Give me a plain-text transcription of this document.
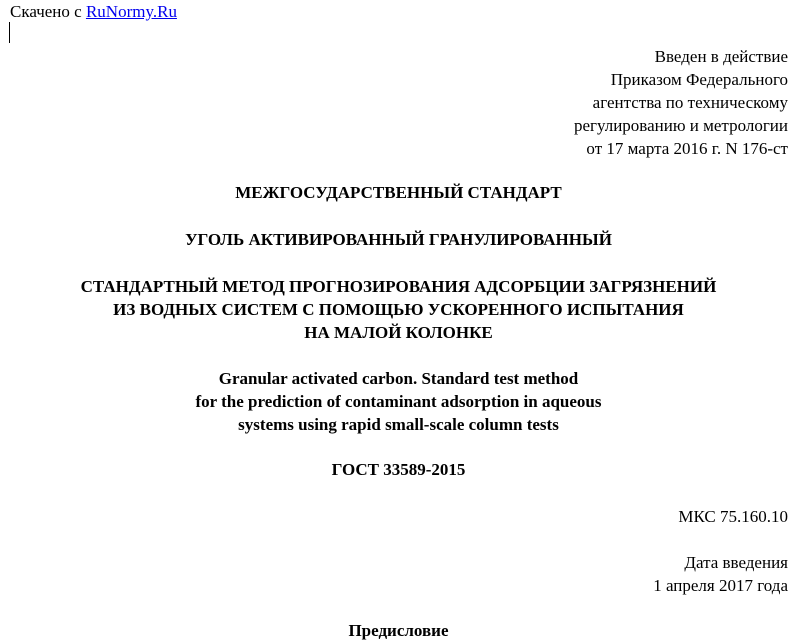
Скачено с RuNormy.Ru
Введен в действие
Приказом Федерального
агентства по техническому
регулированию и метрологии
от 17 марта 2016 г. N 176-ст
МЕЖГОСУДАРСТВЕННЫЙ СТАНДАРТ
УГОЛЬ АКТИВИРОВАННЫЙ ГРАНУЛИРОВАННЫЙ
СТАНДАРТНЫЙ МЕТОД ПРОГНОЗИРОВАНИЯ АДСОРБЦИИ ЗАГРЯЗНЕНИЙ
ИЗ ВОДНЫХ СИСТЕМ С ПОМОЩЬЮ УСКОРЕННОГО ИСПЫТАНИЯ
НА МАЛОЙ КОЛОНКЕ
Granular activated carbon. Standard test method
for the prediction of contaminant adsorption in aqueous
systems using rapid small-scale column tests
ГОСТ 33589-2015
МКС 75.160.10
Дата введения
1 апреля 2017 года
Предисловие
